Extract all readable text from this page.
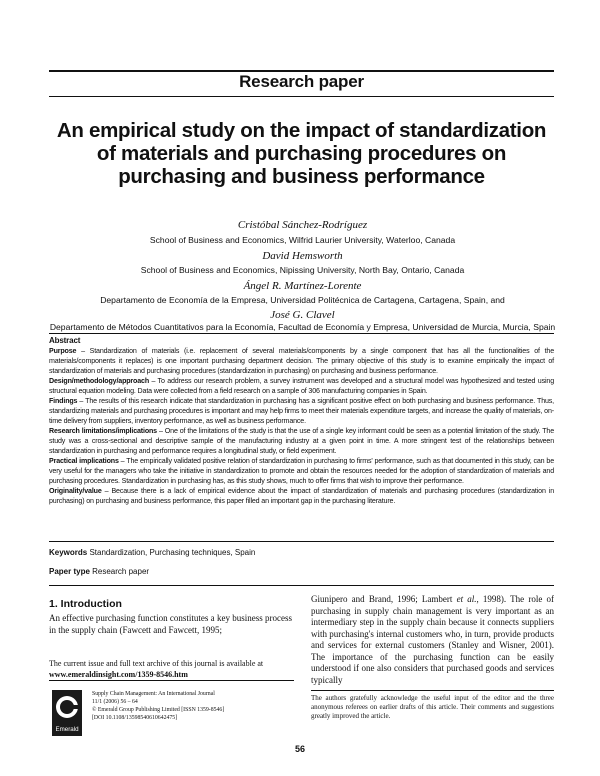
Research paper
An empirical study on the impact of standardization of materials and purchasing procedures on purchasing and business performance
Cristóbal Sánchez-Rodríguez
School of Business and Economics, Wilfrid Laurier University, Waterloo, Canada
David Hemsworth
School of Business and Economics, Nipissing University, North Bay, Ontario, Canada
Ángel R. Martínez-Lorente
Departamento de Economía de la Empresa, Universidad Politécnica de Cartagena, Cartagena, Spain, and
José G. Clavel
Departamento de Métodos Cuantitativos para la Economía, Facultad de Economía y Empresa, Universidad de Murcia, Murcia, Spain

Abstract

Purpose – Standardization of materials (i.e. replacement of several materials/components by a single component that has all the functionalities of the materials/components it replaces) is one important purchasing department decision. The primary objective of this study is to examine empirically the impact of standardization of materials and purchasing procedures (standardization in purchasing) on purchasing and business performance.

Design/methodology/approach – To address our research problem, a survey instrument was developed and a structural model was hypothesized and tested using structural equation modeling. Data were collected from a field research on a sample of 306 manufacturing companies in Spain.

Findings – The results of this research indicate that standardization in purchasing has a significant positive effect on both purchasing and business performance. Thus, standardizing materials and purchasing procedures is important and may help firms to meet their materials expenditure targets, and increase the quality of materials, on-time delivery from suppliers, inventory performance, as well as business performance.

Research limitations/implications – One of the limitations of the study is that the use of a single key informant could be seen as a potential limitation of the study. The study was a cross-sectional and descriptive sample of the manufacturing industry at a given point in time. A more stringent test of the relationships between standardization in purchasing and performance requires a longitudinal study, or field experiment.

Practical implications – The empirically validated positive relation of standardization in purchasing to firms' performance, such as that documented in this study, can be very useful for the managers who take the initiative in standardization to promote and obtain the resources needed for the adoption of standardization of materials and purchasing procedures. Standardization in purchasing has, as this study shows, much to offer firms that wish to improve their performance.

Originality/value – Because there is a lack of empirical evidence about the impact of standardization of materials and purchasing procedures (standardization in purchasing) on purchasing and business performance, this paper filled an important gap in the purchasing literature.

Keywords Standardization, Purchasing techniques, Spain
Paper type Research paper
1. Introduction
An effective purchasing function constitutes a key business process in the supply chain (Fawcett and Fawcett, 1995;
Giunipero and Brand, 1996; Lambert et al., 1998). The role of purchasing in supply chain management is very important as an intermediary step in the supply chain because it connects suppliers with purchasing's internal customers who, in turn, provide products and services for external customers (Stanley and Wisner, 2001). The importance of the purchasing function can be easily understood if one also considers that purchased goods and services typically
The current issue and full text archive of this journal is available at
www.emeraldinsight.com/1359-8546.htm
Emerald
Supply Chain Management: An International Journal
11/1 (2006) 56 – 64
© Emerald Group Publishing Limited [ISSN 1359-8546]
[DOI 10.1108/13598540610642475]
The authors gratefully acknowledge the useful input of the editor and the three anonymous referees on earlier drafts of this article. Their comments and suggestions greatly improved the article.
56
